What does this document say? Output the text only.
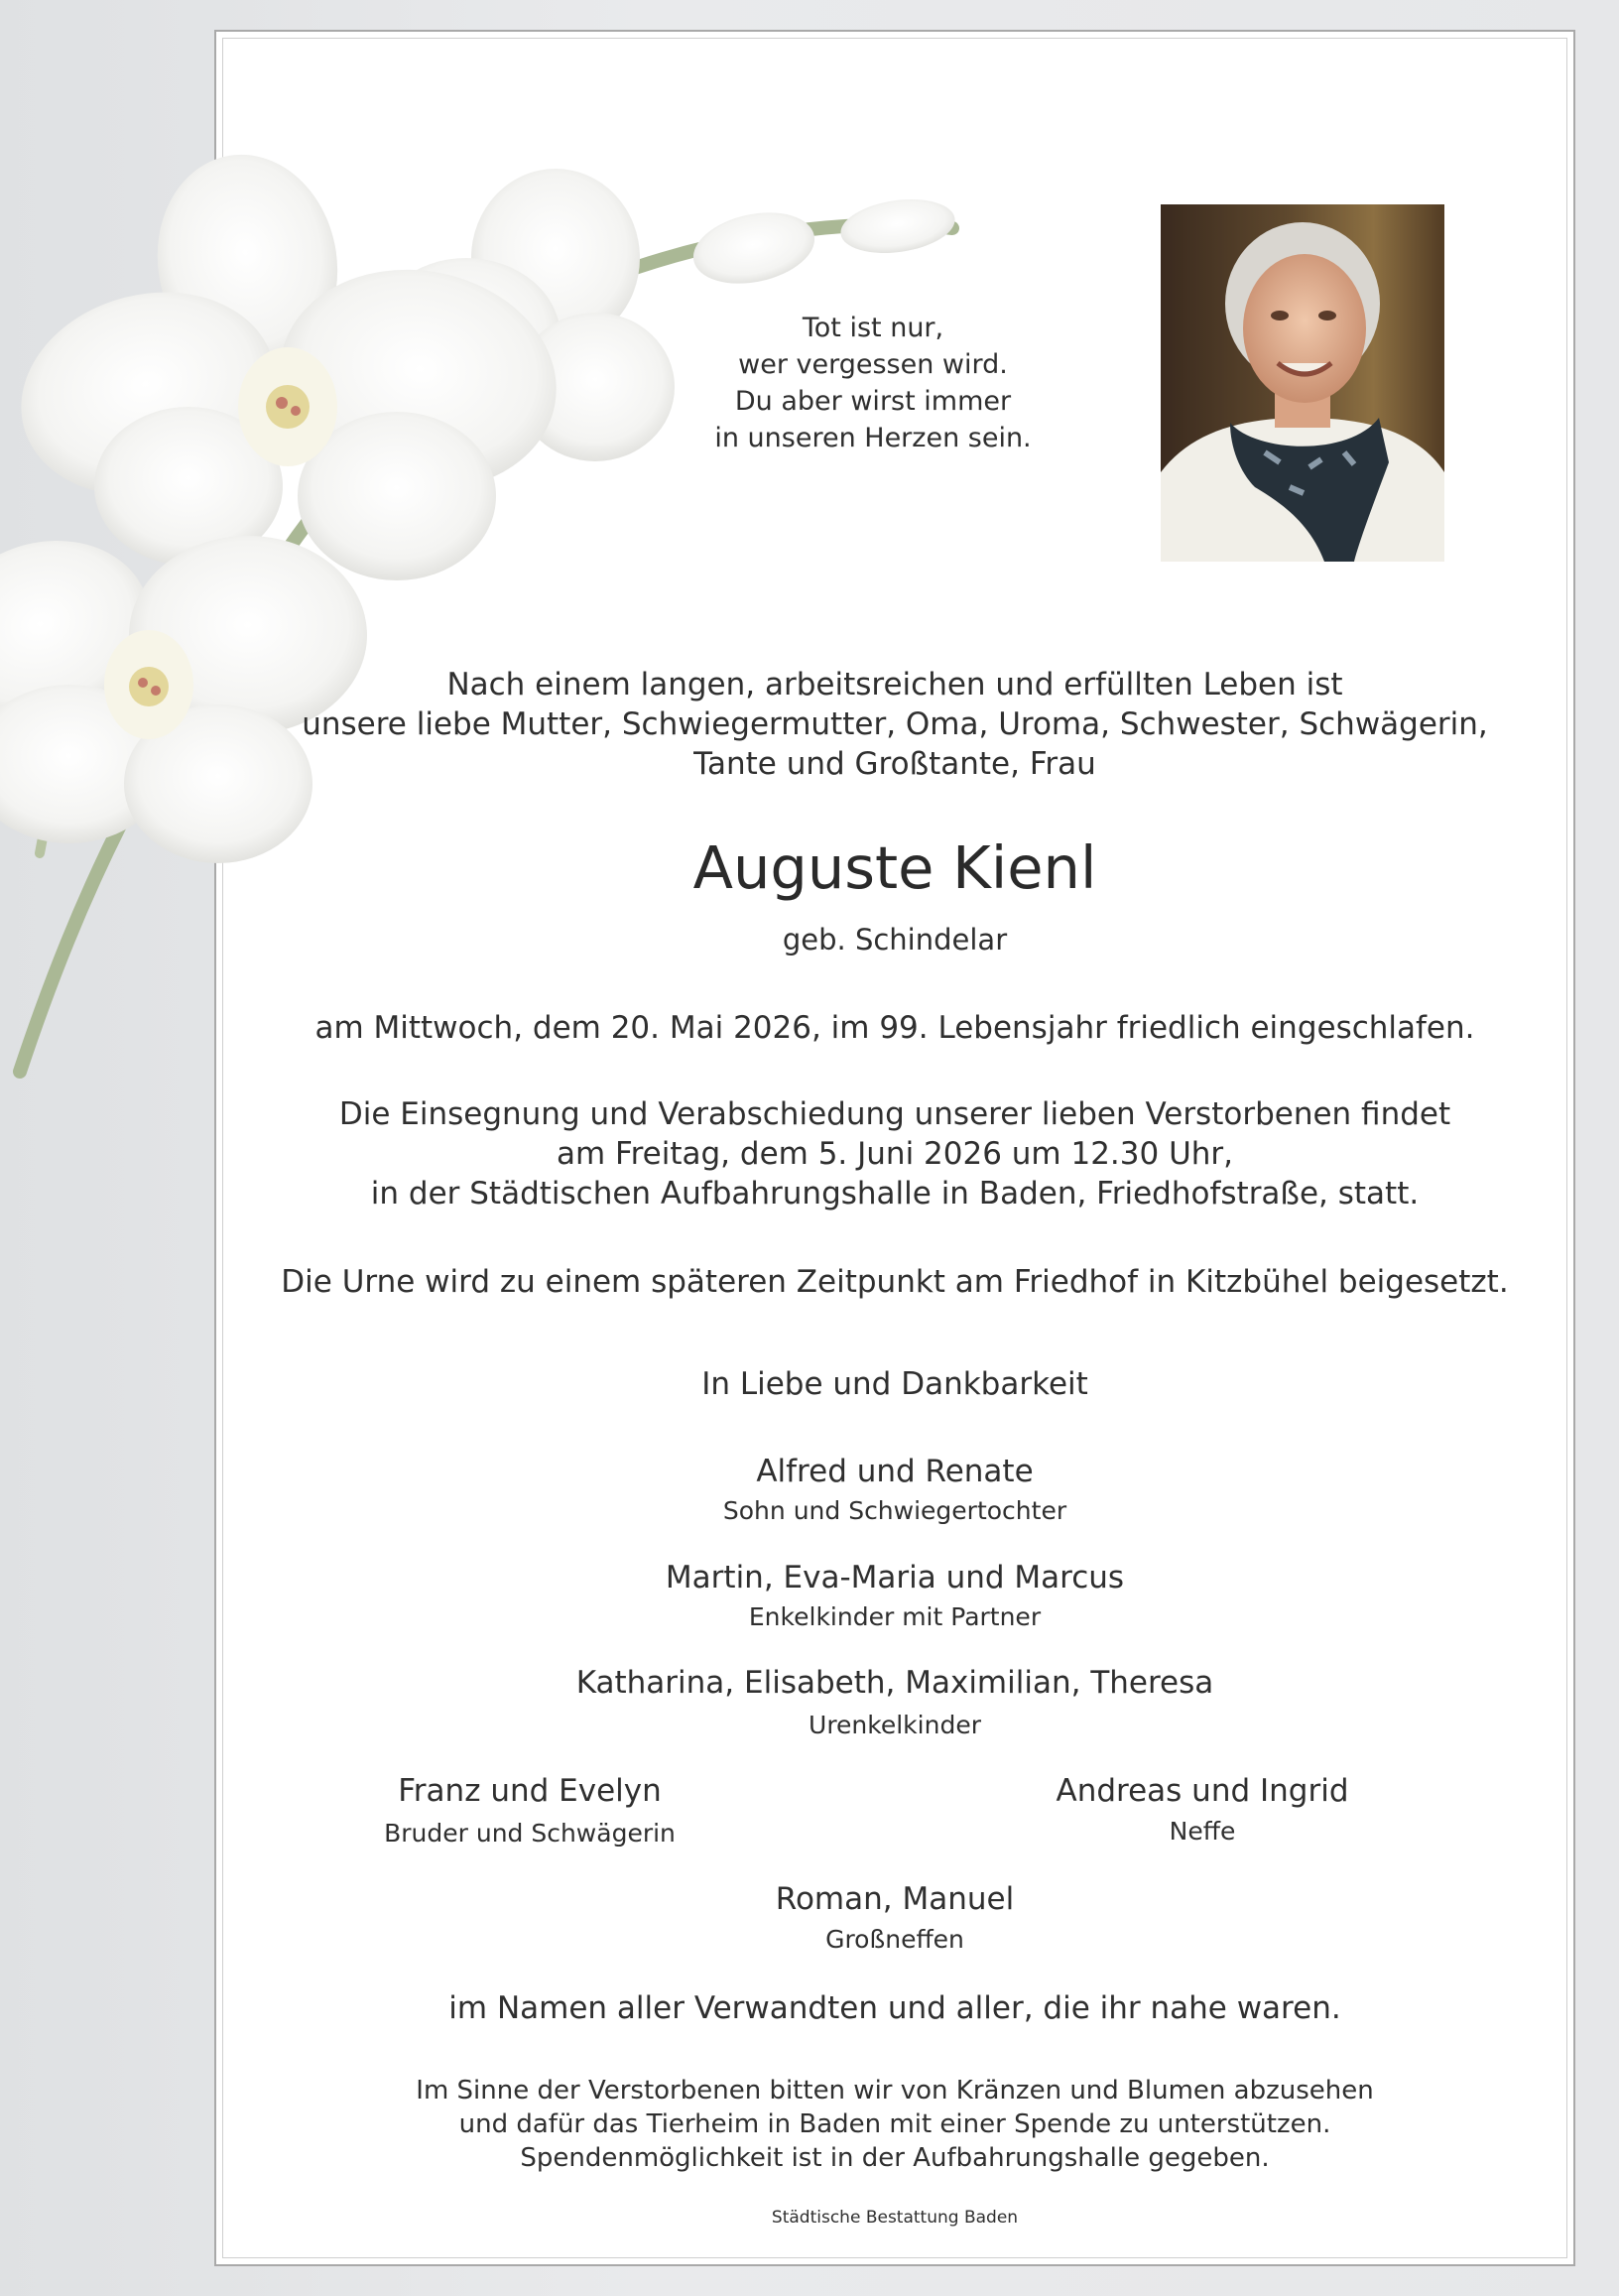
Tot ist nur,
wer vergessen wird.
Du aber wirst immer
in unseren Herzen sein.

Nach einem langen, arbeitsreichen und erfüllten Leben ist
unsere liebe Mutter, Schwiegermutter, Oma, Uroma, Schwester, Schwägerin,
Tante und Großtante, Frau

Auguste Kienl

geb. Schindelar

am Mittwoch, dem 20. Mai 2026, im 99. Lebensjahr friedlich eingeschlafen.

Die Einsegnung und Verabschiedung unserer lieben Verstorbenen findet
am Freitag, dem 5. Juni 2026 um 12.30 Uhr,
in der Städtischen Aufbahrungshalle in Baden, Friedhofstraße, statt.

Die Urne wird zu einem späteren Zeitpunkt am Friedhof in Kitzbühel beigesetzt.

In Liebe und Dankbarkeit

Alfred und Renate

Sohn und Schwiegertochter

Martin, Eva-Maria und Marcus

Enkelkinder mit Partner

Katharina, Elisabeth, Maximilian, Theresa

Urenkelkinder

Franz und Evelyn

Bruder und Schwägerin

Andreas und Ingrid

Neffe

Roman, Manuel

Großneffen

im Namen aller Verwandten und aller, die ihr nahe waren.

Im Sinne der Verstorbenen bitten wir von Kränzen und Blumen abzusehen
und dafür das Tierheim in Baden mit einer Spende zu unterstützen.
Spendenmöglichkeit ist in der Aufbahrungshalle gegeben.

Städtische Bestattung Baden
